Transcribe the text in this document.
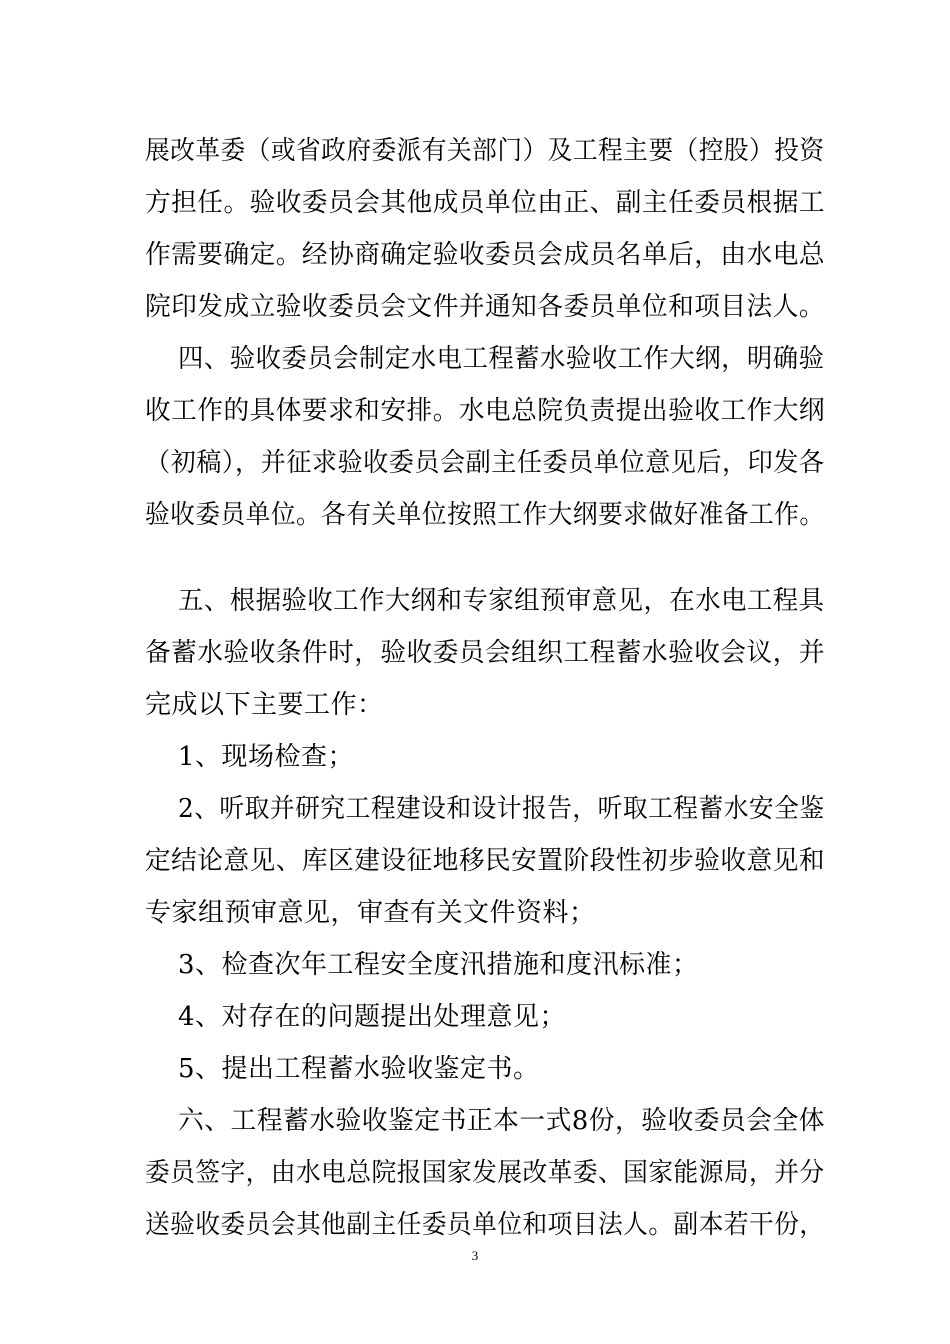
展改革委（或省政府委派有关部门）及工程主要（控股）投资
方担任。验收委员会其他成员单位由正、副主任委员根据工
作需要确定。经协商确定验收委员会成员名单后，由水电总
院印发成立验收委员会文件并通知各委员单位和项目法人。
四、验收委员会制定水电工程蓄水验收工作大纲，明确验
收工作的具体要求和安排。水电总院负责提出验收工作大纲
（初稿），并征求验收委员会副主任委员单位意见后，印发各
验收委员单位。各有关单位按照工作大纲要求做好准备工作。
五、根据验收工作大纲和专家组预审意见，在水电工程具
备蓄水验收条件时，验收委员会组织工程蓄水验收会议，并
完成以下主要工作：
1、现场检查；
2、听取并研究工程建设和设计报告，听取工程蓄水安全鉴
定结论意见、库区建设征地移民安置阶段性初步验收意见和
专家组预审意见，审查有关文件资料；
3、检查次年工程安全度汛措施和度汛标准；
4、对存在的问题提出处理意见；
5、提出工程蓄水验收鉴定书。
六、工程蓄水验收鉴定书正本一式8份，验收委员会全体
委员签字，由水电总院报国家发展改革委、国家能源局，并分
送验收委员会其他副主任委员单位和项目法人。副本若干份，
3
